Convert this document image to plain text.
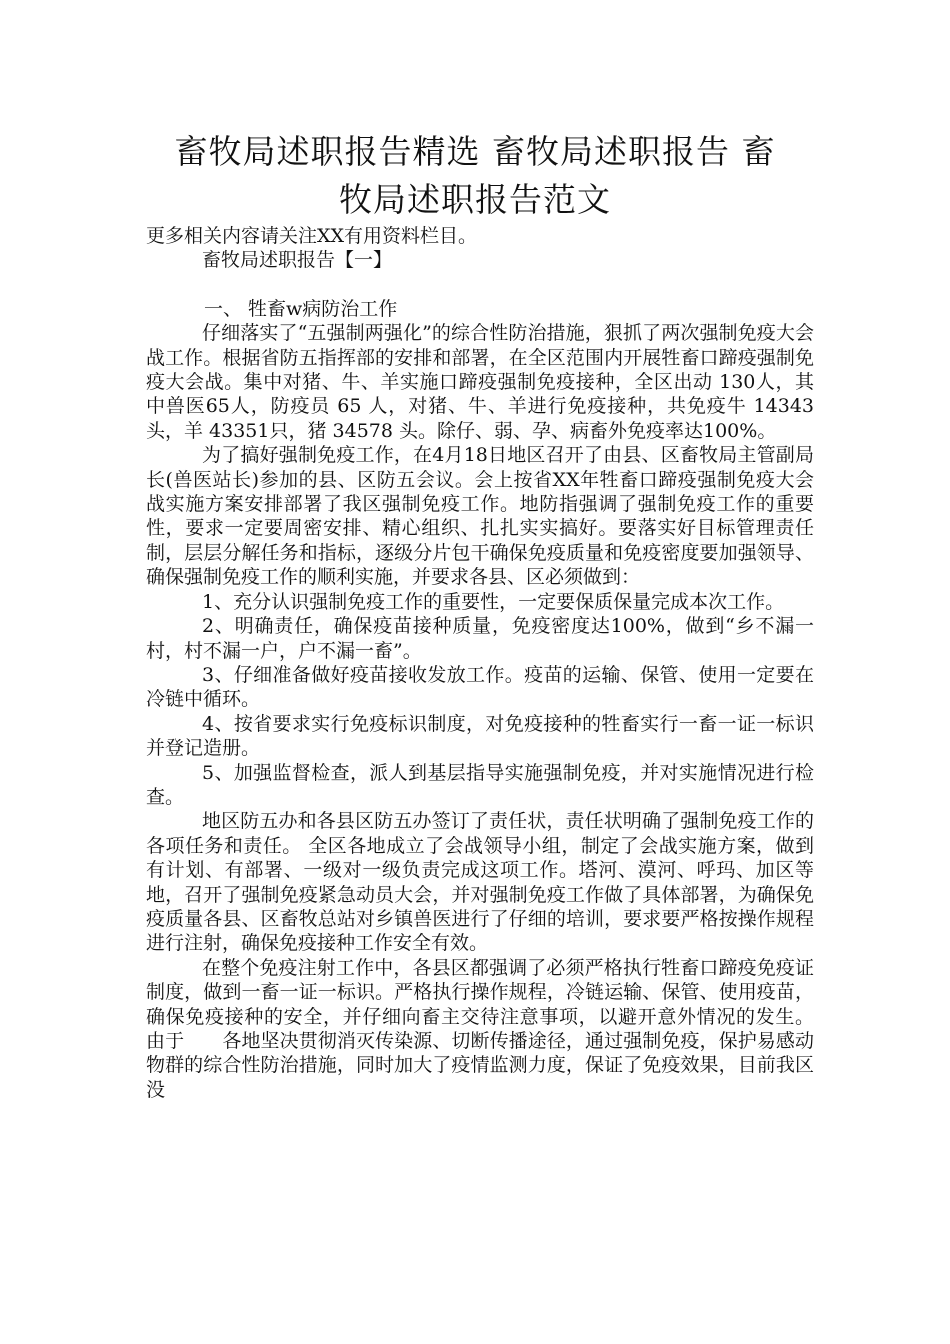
畜牧局述职报告精选 畜牧局述职报告 畜
牧局述职报告范文

更多相关内容请关注XX有用资料栏目。

畜牧局述职报告【一】

一、 牲畜w病防治工作

仔细落实了“五强制两强化”的综合性防治措施，狠抓了两次强制免疫大会战工作。根据省防五指挥部的安排和部署，在全区范围内开展牲畜口蹄疫强制免疫大会战。集中对猪、牛、羊实施口蹄疫强制免疫接种，全区出动 130人，其中兽医65人，防疫员 65 人，对猪、牛、羊进行免疫接种，共免疫牛 14343 头，羊 43351只，猪 34578 头。除仔、弱、孕、病畜外免疫率达100%。

为了搞好强制免疫工作，在4月18日地区召开了由县、区畜牧局主管副局长(兽医站长)参加的县、区防五会议。会上按省XX年牲畜口蹄疫强制免疫大会战实施方案安排部署了我区强制免疫工作。地防指强调了强制免疫工作的重要性，要求一定要周密安排、精心组织、扎扎实实搞好。要落实好目标管理责任制，层层分解任务和指标，逐级分片包干确保免疫质量和免疫密度要加强领导、确保强制免疫工作的顺利实施，并要求各县、区必须做到：

1、充分认识强制免疫工作的重要性，一定要保质保量完成本次工作。

2、明确责任，确保疫苗接种质量，免疫密度达100%，做到“乡不漏一村，村不漏一户，户不漏一畜”。

3、仔细准备做好疫苗接收发放工作。疫苗的运输、保管、使用一定要在冷链中循环。

4、按省要求实行免疫标识制度，对免疫接种的牲畜实行一畜一证一标识并登记造册。

5、加强监督检查，派人到基层指导实施强制免疫，并对实施情况进行检查。

地区防五办和各县区防五办签订了责任状，责任状明确了强制免疫工作的各项任务和责任。 全区各地成立了会战领导小组，制定了会战实施方案，做到有计划、有部署、一级对一级负责完成这项工作。塔河、漠河、呼玛、加区等地，召开了强制免疫紧急动员大会，并对强制免疫工作做了具体部署，为确保免疫质量各县、区畜牧总站对乡镇兽医进行了仔细的培训，要求要严格按操作规程进行注射，确保免疫接种工作安全有效。

在整个免疫注射工作中，各县区都强调了必须严格执行牲畜口蹄疫免疫证制度，做到一畜一证一标识。严格执行操作规程，冷链运输、保管、使用疫苗，确保免疫接种的安全，并仔细向畜主交待注意事项，以避开意外情况的发生。 由于　　各地坚决贯彻消灭传染源、切断传播途径，通过强制免疫，保护易感动物群的综合性防治措施，同时加大了疫情监测力度，保证了免疫效果，目前我区没
